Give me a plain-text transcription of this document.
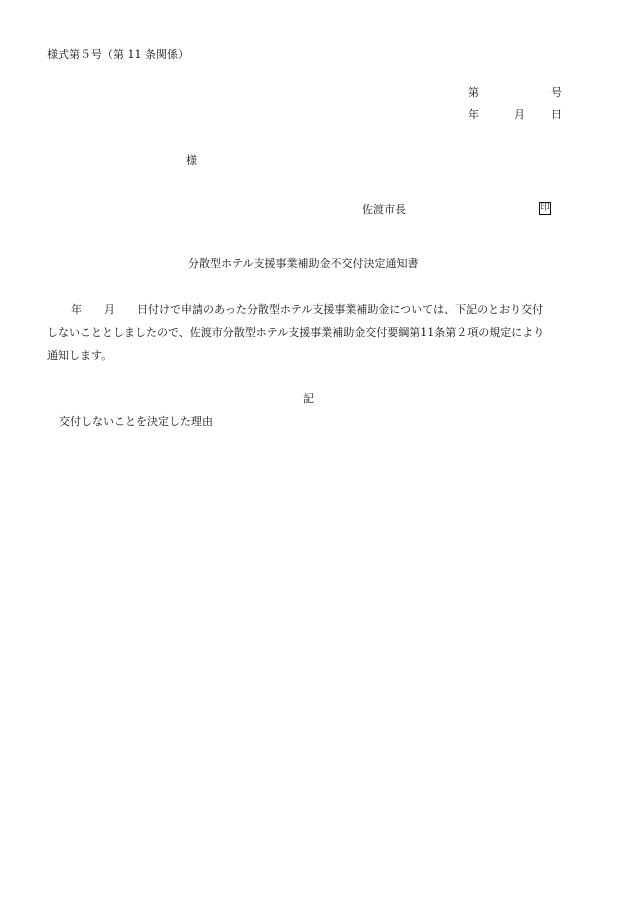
様式第５号（第 11 条関係）
第	号
年	月 日
様
佐渡市長	印
分散型ホテル支援事業補助金不交付決定通知書
年 月 日付けで申請のあった分散型ホテル支援事業補助金については、下記のとおり交付
しないこととしましたので、佐渡市分散型ホテル支援事業補助金交付要綱第11条第２項の規定により
通知します。
記
交付しないことを決定した理由
